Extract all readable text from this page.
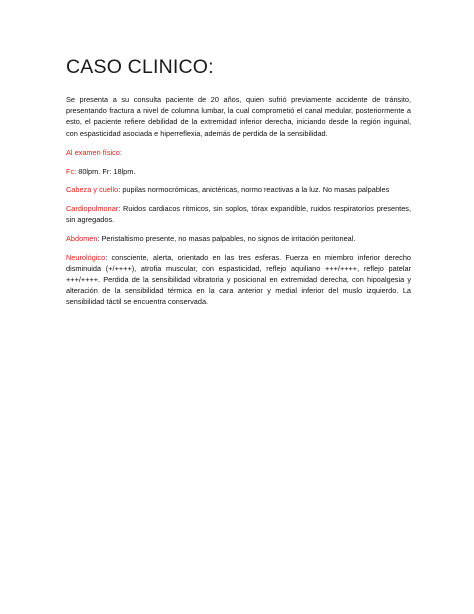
CASO CLINICO:

Se presenta a su consulta paciente de 20 años, quien sufrió previamente accidente de tránsito, presentando fractura a nivel de columna lumbar, la cual comprometió el canal medular, posteriormente a esto, el paciente refiere debilidad de la extremidad inferior derecha, iniciando desde la región inguinal, con espasticidad asociada e hiperreflexia, además de perdida de la sensibilidad.

Al examen físico:
Fc: 80lpm. Fr: 18lpm.
Cabeza y cuello: pupilas normocrómicas, anictéricas, normo reactivas a la luz. No masas palpables
Cardiopulmonar: Ruidos cardiacos rítmicos, sin soplos, tórax expandible, ruidos respiratorios presentes, sin agregados.
Abdomen: Peristaltismo presente, no masas palpables, no signos de irritación peritoneal.
Neurológico: consciente, alerta, orientado en las tres esferas. Fuerza en miembro inferior derecho disminuida (+/++++), atrofia muscular, con espasticidad, reflejo aquiliano +++/++++, reflejo patelar +++/++++. Perdida de la sensibilidad vibratoria y posicional en extremidad derecha, con hipoalgesia y alteración de la sensibilidad térmica en la cara anterior y medial inferior del muslo izquierdo. La sensibilidad táctil se encuentra conservada.
